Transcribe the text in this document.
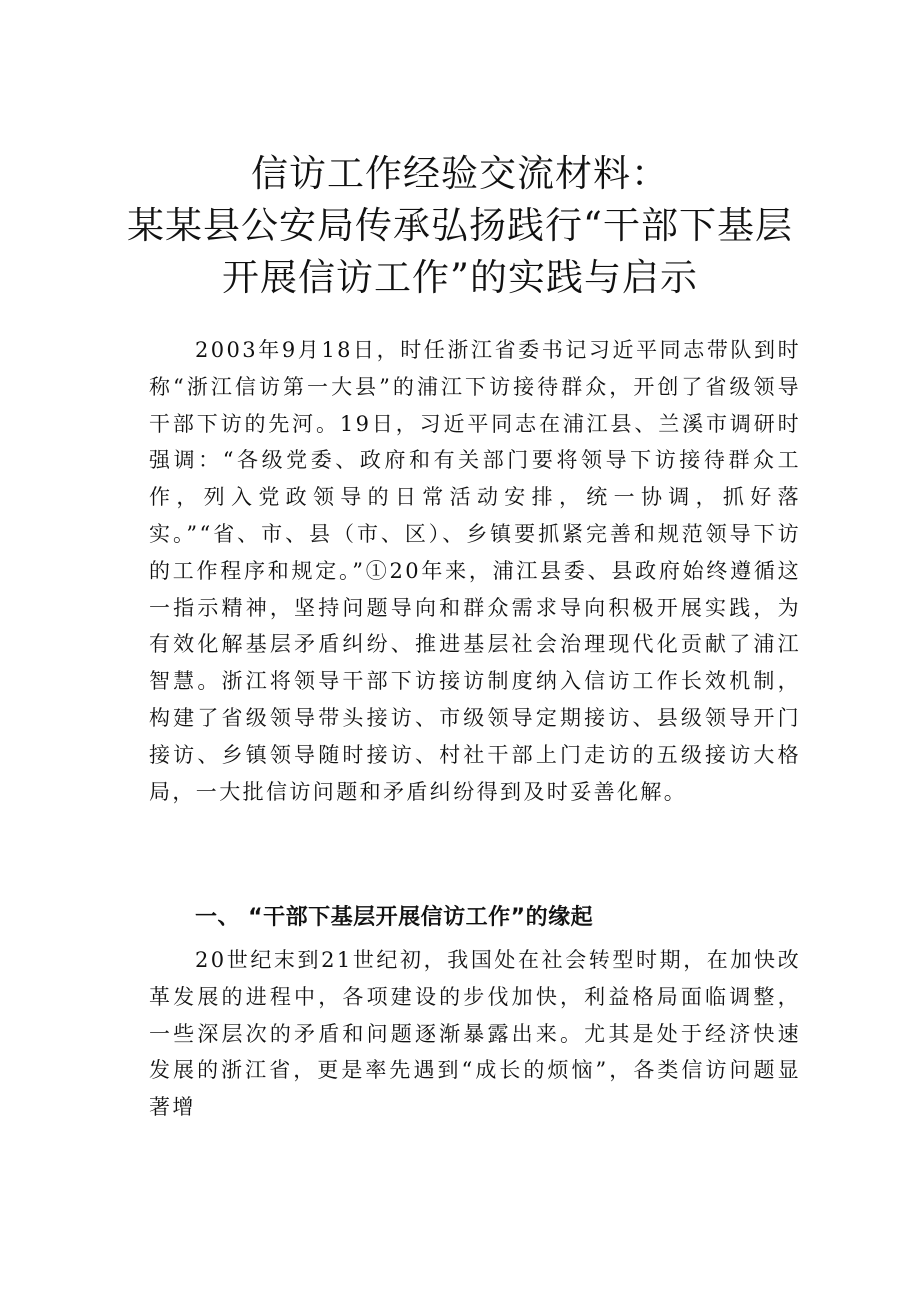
信访工作经验交流材料：
某某县公安局传承弘扬践行“干部下基层
开展信访工作”的实践与启示

2003年9月18日，时任浙江省委书记习近平同志带队到时称“浙江信访第一大县”的浦江下访接待群众，开创了省级领导干部下访的先河。19日，习近平同志在浦江县、兰溪市调研时强调：“各级党委、政府和有关部门要将领导下访接待群众工作，列入党政领导的日常活动安排，统一协调，抓好落实。”“省、市、县（市、区）、乡镇要抓紧完善和规范领导下访的工作程序和规定。”①20年来，浦江县委、县政府始终遵循这一指示精神，坚持问题导向和群众需求导向积极开展实践，为有效化解基层矛盾纠纷、推进基层社会治理现代化贡献了浦江智慧。浙江将领导干部下访接访制度纳入信访工作长效机制，构建了省级领导带头接访、市级领导定期接访、县级领导开门接访、乡镇领导随时接访、村社干部上门走访的五级接访大格局，一大批信访问题和矛盾纠纷得到及时妥善化解。

一、 “干部下基层开展信访工作”的缘起

20世纪末到21世纪初，我国处在社会转型时期，在加快改革发展的进程中，各项建设的步伐加快，利益格局面临调整，一些深层次的矛盾和问题逐渐暴露出来。尤其是处于经济快速发展的浙江省，更是率先遇到“成长的烦恼”，各类信访问题显著增
